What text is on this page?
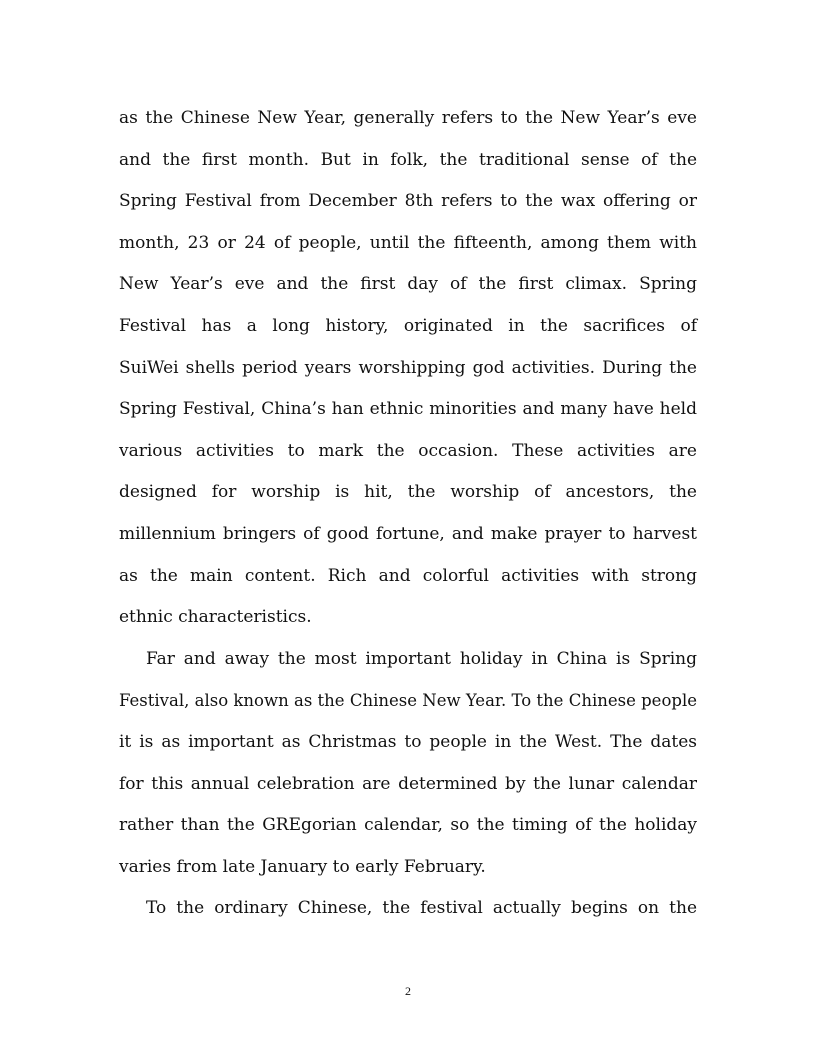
as the Chinese New Year, generally refers to the New Year’s eve
and the first month. But in folk, the traditional sense of the
Spring Festival from December 8th refers to the wax offering or
month, 23 or 24 of people, until the fifteenth, among them with
New Year’s eve and the first day of the first climax. Spring
Festival has a long history, originated in the sacrifices of
SuiWei shells period years worshipping god activities. During the
Spring Festival, China’s han ethnic minorities and many have held
various activities to mark the occasion. These activities are
designed for worship is hit, the worship of ancestors, the
millennium bringers of good fortune, and make prayer to harvest
as the main content. Rich and colorful activities with strong
ethnic characteristics.
Far and away the most important holiday in China is Spring
Festival, also known as the Chinese New Year. To the Chinese people
it is as important as Christmas to people in the West. The dates
for this annual celebration are determined by the lunar calendar
rather than the GREgorian calendar, so the timing of the holiday
varies from late January to early February.
To the ordinary Chinese, the festival actually begins on the
2
